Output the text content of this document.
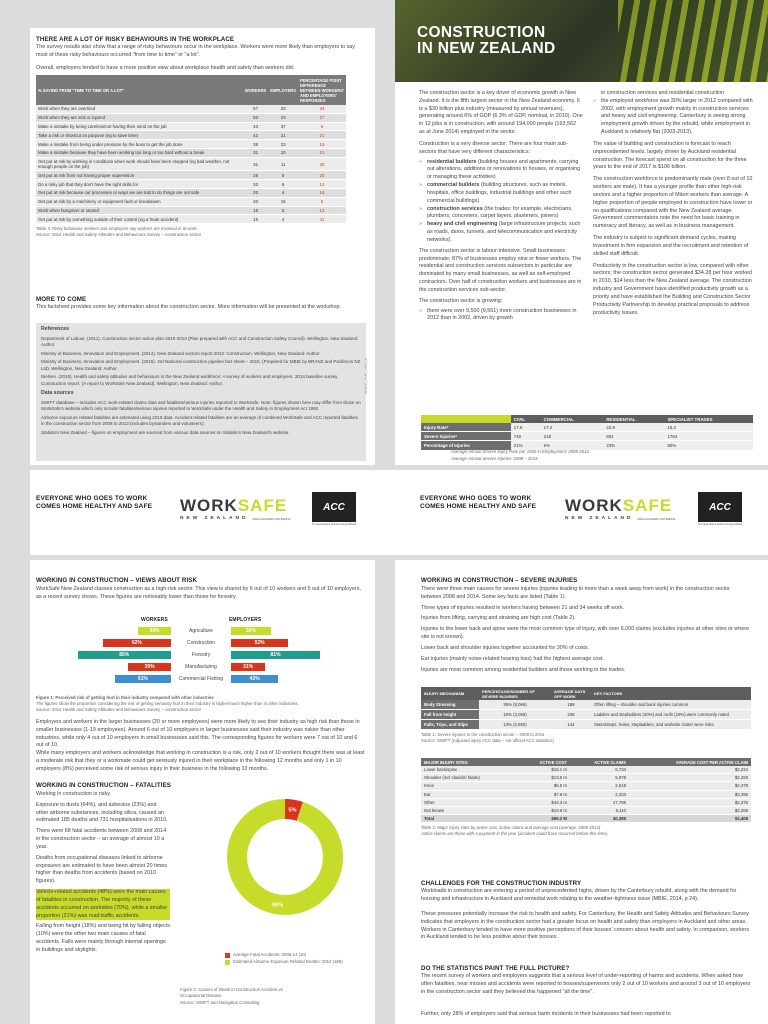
THERE ARE A LOT OF RISKY BEHAVIOURS IN THE WORKPLACE
The survey results also show that a range of risky behaviours occur in the workplace. Workers were more likely than employers to say most of these risky behaviours occurred "from time to time" or "a lot".
Overall, employers tended to have a more positive view about workplace health and safety than workers did.
% SAYING FROM "TIME TO TIME OR A LOT"	WORKERS	EMPLOYERS	PERCENTAGE POINT DIFFERENCE BETWEEN WORKERS' AND EMPLOYERS' RESPONSES
Work when they are overtired	57	23	34
Work when they are sick or injured	50	23	27
Make a mistake by being careless/not having their mind on the job	43	37	6
Take a risk or shortcut on purpose (eg to save time)	42	21	21
Make a mistake from being under pressure by the boss to get the job done	38	23	15
Make a mistake because they have been working too long or too hard without a break	31	10	21
Get put at risk by working in conditions when work should have been stopped (eg bad weather, not enough people on the job)	31	11	20
Get put at risk from not having proper supervision	25	5	20
Do a risky job that they don't have the right skills for	20	6	14
Get put at risk because our processes or ways we are told to do things are not safe	20	4	16
Get put at risk by a machinery or equipment fault or breakdown	20	15	5
Work when hungover or stoned	18	5	13
Get put at risk by something outside of their control (eg a freak accident)	15	4	11
Table 4: Risky behaviour workers and employers say workers are involved in at work
Source: 2014 Health and Safety Attitudes and Behaviours Survey – construction sector
MORE TO COME
This factsheet provides some key information about the construction sector. More information will be presented at the workshop.
References
Department of Labour. (2011). Construction sector action plan 2010-2013 (Plan prepared with ACC and Construction Safety Council). Wellington, New Zealand: Author.
Ministry of Business, Innovation and Employment. (2014). New Zealand sectors report 2013: Construction. Wellington, New Zealand: Author.
Ministry of Business, Innovation and Employment. (2015). 3rd National construction pipeline fact sheet – 2015. (Prepared for MBIE by BRANZ and Pacifecon NZ Ltd). Wellington, New Zealand: Author.
Nielsen. (2015). Health and safety attitudes and behaviours in the New Zealand workforce: A survey of workers and employers. 2014 baseline survey. Construction report. (A report to WorkSafe New Zealand). Wellington, New Zealand: Author.
Data sources
SWIFT database – includes ACC work-related claims data and fatalities/serious injuries reported to WorkSafe. Note: figures shown here may differ from those on WorkSafe's website which only include fatalities/serious injuries reported to WorkSafe under the Health and Safety in Employment Act 1992.
Airborne exposure related fatalities are estimated using 2010 data. Accident related fatalities are an average of combined WorkSafe and ACC reported fatalities in the construction sector from 2008 to 2013 (includes bystanders and volunteers).
Statistics New Zealand – figures on employment are sourced from various data sources on Statistics New Zealand's website.
WSNZ_1136_JAN 16
CONSTRUCTION
IN NEW ZEALAND
The construction sector is a key driver of economic growth in New Zealand. It is the fifth largest sector in the New Zealand economy. It is a $30 billion plus industry (measured by annual revenues), generating around 6% of GDP (6.3% of GDP, nominal, in 2010). One in 12 jobs is in construction, with around 194,000 people (193,562 as at June 2014) employed in the sector.
Construction is a very diverse sector. There are four main sub-sectors that have very different characteristics:
» residential builders (building houses and apartments, carrying out alterations, additions or renovations to houses, or organising or managing these activities)
» commercial builders (building structures, such as motels, hospitals, office buildings, industrial buildings and other such commercial buildings)
» construction services (the trades: for example, electricians, plumbers, concreters, carpet layers, plasterers, joiners)
» heavy and civil engineering (large infrastructure projects, such as roads, dams, tunnels, and telecommunication and electricity networks).
The construction sector is labour-intensive. Small businesses predominate; 87% of businesses employ nine or fewer workers. The residential and construction services subsectors in particular are dominated by many small businesses, as well as self-employed contractors. Over half of construction workers and businesses are in the construction services sub-sector.
The construction sector is growing:
» there were over 9,500 (9,561) more construction businesses in 2012 than in 2002, driven by growth
in construction services and residential construction
» the employed workforce was 30% larger in 2012 compared with 2002, with employment growth mainly in construction services and heavy and civil engineering. Canterbury is seeing strong employment growth driven by the rebuild, while employment in Auckland is relatively flat (2003-2013).
The value of building and construction is forecast to reach unprecedented levels, largely driven by Auckland residential construction. The forecast spend on all construction for the three years to the end of 2017 is $106 billion.
The construction workforce is predominantly male (over 8 out of 10 workers are male). It has a younger profile than other high-risk sectors and a higher proportion of Māori workers than average. A higher proportion of people employed in construction have lower or no qualifications compared with the New Zealand average. Government commentators note the need for basic training in numeracy and literacy, as well as in business management.
The industry is subject to significant demand cycles, making investment in firm expansion and the recruitment and retention of skilled staff difficult.
Productivity in the construction sector is low, compared with other sectors; the construction sector generated $34.28 per hour worked in 2010, $14 less than the New Zealand average. The construction industry and Government have identified productivity growth as a priority and have established the Building and Construction Sector Productivity Partnership to develop practical proposals to address productivity issues.
	CIVIL	COMMERCIAL	RESIDENTIAL	SPECIALIST TRADES
Injury Rate*	17.6	17.2	22.9	18.2
Severe Injuries*	740	218	801	1764
Percentage of Injuries	21%	6%	23%	50%
Average Annual Severe Injury Rate per 1000 in Employment: 2008-2014
Average Annual Severe Injuries: 2008 – 2014
EVERYONE WHO GOES TO WORK COMES HOME HEALTHY AND SAFE WORKSAFE
NEW ZEALAND MAHI HAUMARU AOTEAROA
ACC
Te Kaporeihana Āwhina Hunga Whara
EVERYONE WHO GOES TO WORK COMES HOME HEALTHY AND SAFE WORKSAFE
NEW ZEALAND MAHI HAUMARU AOTEAROA
ACC
Te Kaporeihana Āwhina Hunga Whara
WORKING IN CONSTRUCTION – VIEWS ABOUT RISK
WorkSafe New Zealand classes construction as a high-risk sector. This view is shared by 6 out of 10 workers and 5 out of 10 employers, as a recent survey shows. These figures are noticeably lower than those for forestry.
WORKERS	EMPLOYERS
30%	Agriculture	36%
62%	Construction	52%
85%	Forestry	81%
39%	Manufacturing	31%
51%	Commercial Fishing	43%
Figure 1: Perceived risk of getting hurt in their industry compared with other industries
The figures show the proportion considering the risk of getting seriously hurt in their industry is higher/much higher than in other industries.
Source: 2014 Health and Safety Attitudes and Behaviours Survey – construction sector
Employers and workers in the larger businesses (20 or more employees) were more likely to see their industry as high risk than those in smaller businesses (1-19 employees). Around 6 out of 10 employers in larger businesses said their industry was riskier than other industries, while only 4 out of 10 employers in small businesses said this. The corresponding figures for workers were 7 out of 10 and 6 out of 10.
While many employers and workers acknowledge that working in construction is a risk, only 2 out of 10 workers thought there was at least a moderate risk that they or a workmate could get seriously injured in their workplace in the following 12 months and only 1 in 10 employers (8%) perceived some risk of serious injury in their business in the following 12 months.
WORKING IN CONSTRUCTION – FATALITIES
Working in construction is risky.
Exposure to dusts (64%), and asbestos (23%) and other airborne substances, including silica, caused an estimated 185 deaths and 731 hospitalisations in 2010.
There were 68 fatal accidents between 2008 and 2014 in the construction sector – an average of almost 10 a year.
Deaths from occupational diseases linked to airborne exposures are estimated to have been almost 20 times higher than deaths from accidents (based on 2010 figures).
Vehicle-related accidents (48%) were the main causes of fatalities in construction. The majority of these accidents occurred on worksites (70%), while a smaller proportion (21%) was road traffic accidents.
Falling from height (18%) and being hit by falling objects (10%) were the other two main causes of fatal accidents. Falls were mainly through internal openings in buildings and skylights.
5%
95%
Average Fatal Accidents: 2008-14 (10)
Estimated Airborne Exposure Related Deaths: 2010 (185)
Figure 2: Causes of Death in Construction Accident vs Occupational Disease
Source: SWIFT and Navigatus Consulting
WORKING IN CONSTRUCTION – SEVERE INJURIES
There were three main causes for severe injuries (injuries leading to more than a week away from work) in the construction sector between 2008 and 2014. Some key facts are listed (Table 1).
Three types of injuries resulted in workers having between 21 and 34 weeks off work.
Injuries from lifting, carrying and straining are high cost (Table 2).
Injuries to the lower back and spine were the most common type of injury, with over 6,000 claims (excludes injuries at other sites or where site is not known).
Lower back and shoulder injuries together accounted for 30% of costs.
Ear injuries (mainly noise-related hearing loss) had the highest average cost.
Injuries are most common among residential builders and those working in the trades.
INJURY MECHANISM	PERCENTAGE/NUMBER OF SEVERE INJURIES	AVERAGE DAYS OFF WORK	KEY FACTORS
Body Stressing	39% (8,066)	188	Often lifting – shoulder and back injuries common
Fall from height	15% (3,055)	236	Ladders and stepladders (40%) and roofs (18%) were commonly noted
Falls, Trips, and Slips	13% (2,690)	144	Stairs/steps, holes, stepladders, and worksite clutter were risks
Table 1: Severe injuries in the construction sector – 2008 to 2014
Source: SWIFT (Adjusted injury ACC data – not official ACC statistics)
MAJOR INJURY SITES	ACTIVE COST	ACTIVE CLAIMS	AVERAGE COST PER ACTIVE CLAIM
Lower back/spine	$15.1 m	6,734	$2,224
Shoulder (incl clavicle/ blade)	$13.5 m	5,978	$2,260
Knee	$6.5 m	2,618	$2,479
Ear	$7.9 m	2,333	$3,395
Other	$42.3 m	17,799	$2,375
Not known	$10.9 m	5,110	$2,288
Total	$96.2 M	40,385	$2,408
Table 2: Major injury sites by active cost, active claims and average cost (average, 2009-2014)
Active claims are those with a payment in the year (accident could have occurred before this time).
CHALLENGES FOR THE CONSTRUCTION INDUSTRY
Workloads in construction are entering a period of unprecedented highs, driven by the Canterbury rebuild, along with the demand for housing and infrastructure in Auckland and remedial work relating to the weather-tightness issue (MBIE, 2014, p 24).
These pressures potentially increase the risk to health and safety. For Canterbury, the Health and Safety Attitudes and Behaviours Survey indicates that employers in the construction sector had a greater focus on health and safety than employers in Auckland and other areas. Workers in Canterbury tended to have more positive perceptions of their bosses' concern about health and safety. In comparison, workers in Auckland tended to be less positive about their bosses.
DO THE STATISTICS PAINT THE FULL PICTURE?
The recent survey of workers and employers suggests that a serious level of under-reporting of harms and accidents. When asked how often fatalities, near misses and accidents were reported to bosses/supervisors only 2 out of 10 workers and around 3 out of 10 employers in the construction sector said they believed this happened "all the time".
Further, only 28% of employers said that serious harm incidents in their businesses had been reported to
